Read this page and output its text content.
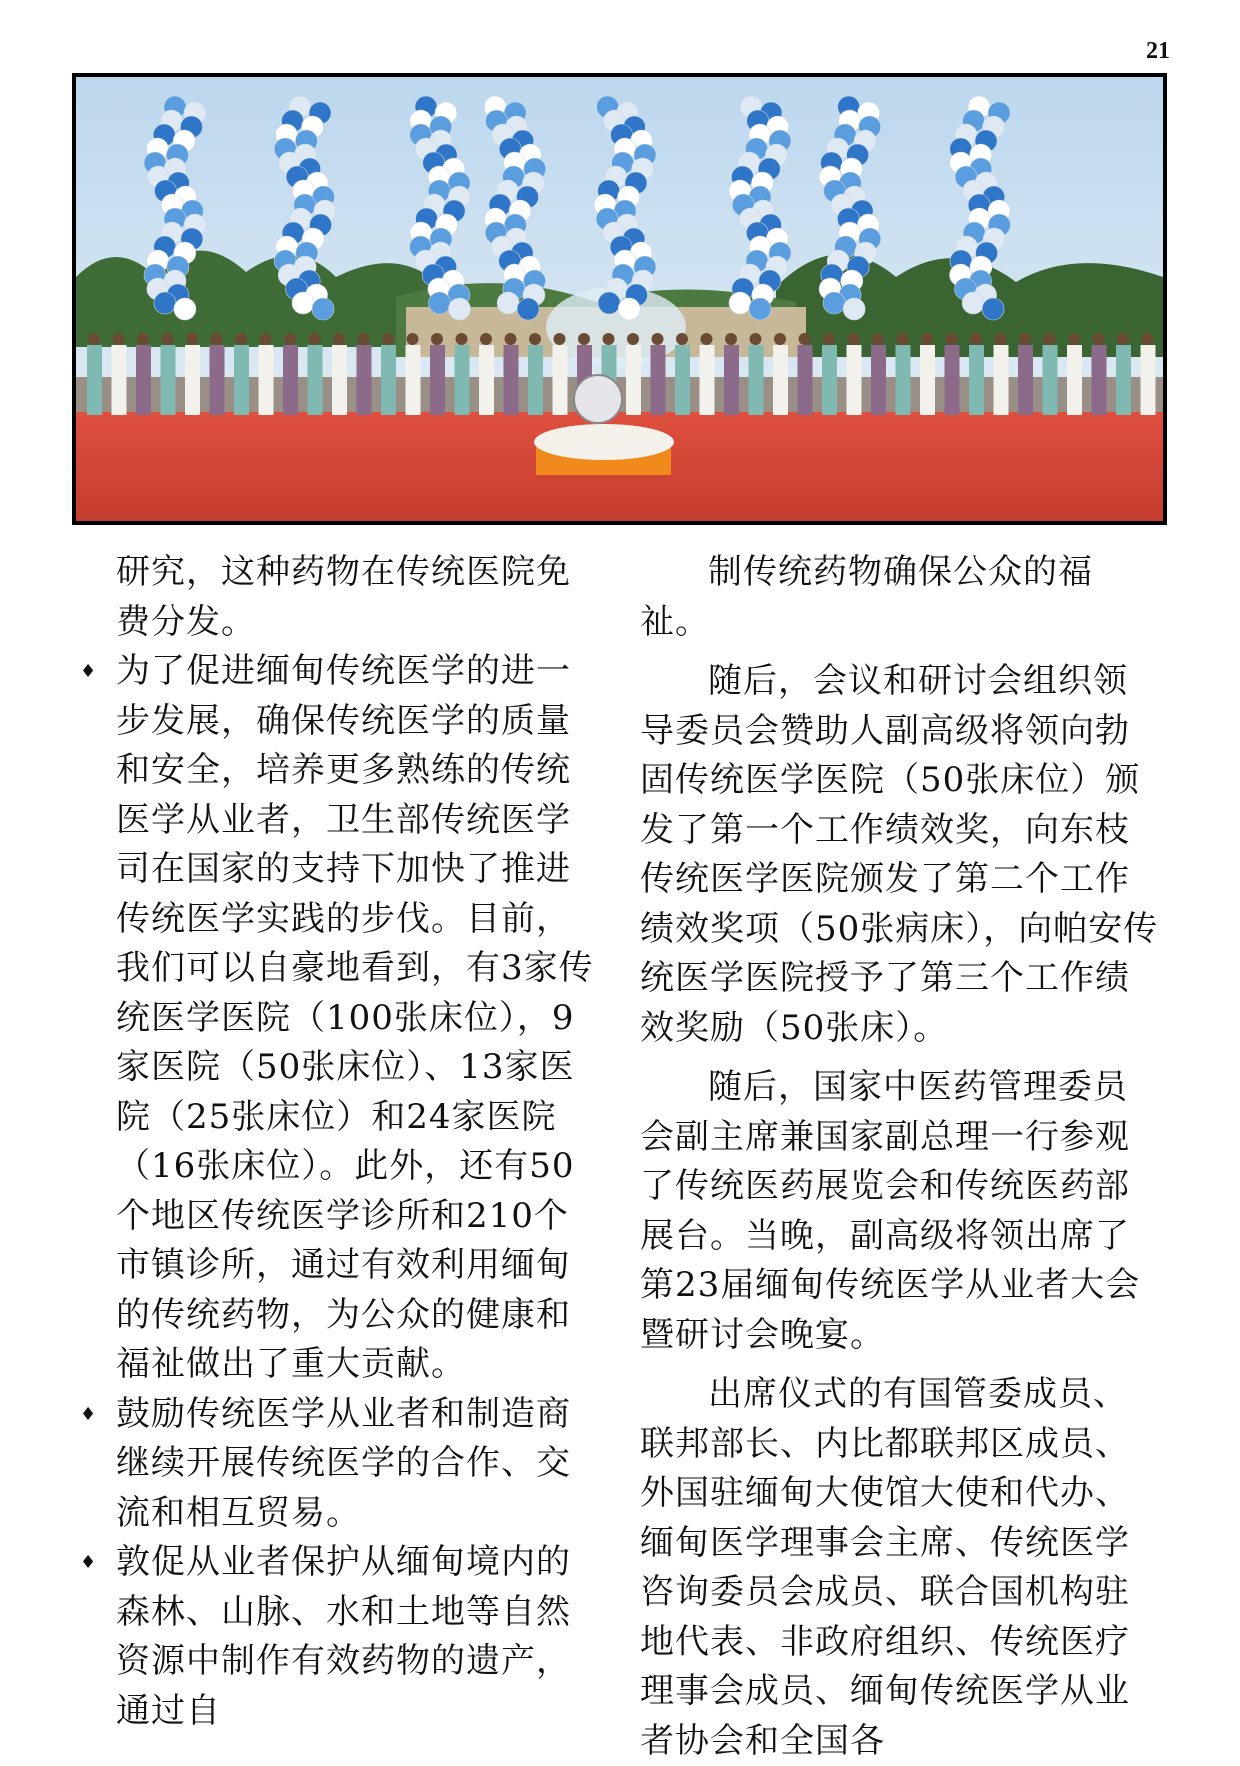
21

研究，这种药物在传统医院免费分发。

♦ 为了促进缅甸传统医学的进一步发展，确保传统医学的质量和安全，培养更多熟练的传统医学从业者，卫生部传统医学司在国家的支持下加快了推进传统医学实践的步伐。目前，我们可以自豪地看到，有3家传统医学医院（100张床位），9家医院（50张床位）、13家医院（25张床位）和24家医院（16张床位）。此外，还有50个地区传统医学诊所和210个市镇诊所，通过有效利用缅甸的传统药物，为公众的健康和福祉做出了重大贡献。

♦ 鼓励传统医学从业者和制造商继续开展传统医学的合作、交流和相互贸易。

♦ 敦促从业者保护从缅甸境内的森林、山脉、水和土地等自然资源中制作有效药物的遗产，通过自

制传统药物确保公众的福祉。

随后，会议和研讨会组织领导委员会赞助人副高级将领向勃固传统医学医院（50张床位）颁发了第一个工作绩效奖，向东枝传统医学医院颁发了第二个工作绩效奖项（50张病床），向帕安传统医学医院授予了第三个工作绩效奖励（50张床）。

随后，国家中医药管理委员会副主席兼国家副总理一行参观了传统医药展览会和传统医药部展台。当晚，副高级将领出席了第23届缅甸传统医学从业者大会暨研讨会晚宴。

出席仪式的有国管委成员、联邦部长、内比都联邦区成员、外国驻缅甸大使馆大使和代办、缅甸医学理事会主席、传统医学咨询委员会成员、联合国机构驻地代表、非政府组织、传统医疗理事会成员、缅甸传统医学从业者协会和全国各
